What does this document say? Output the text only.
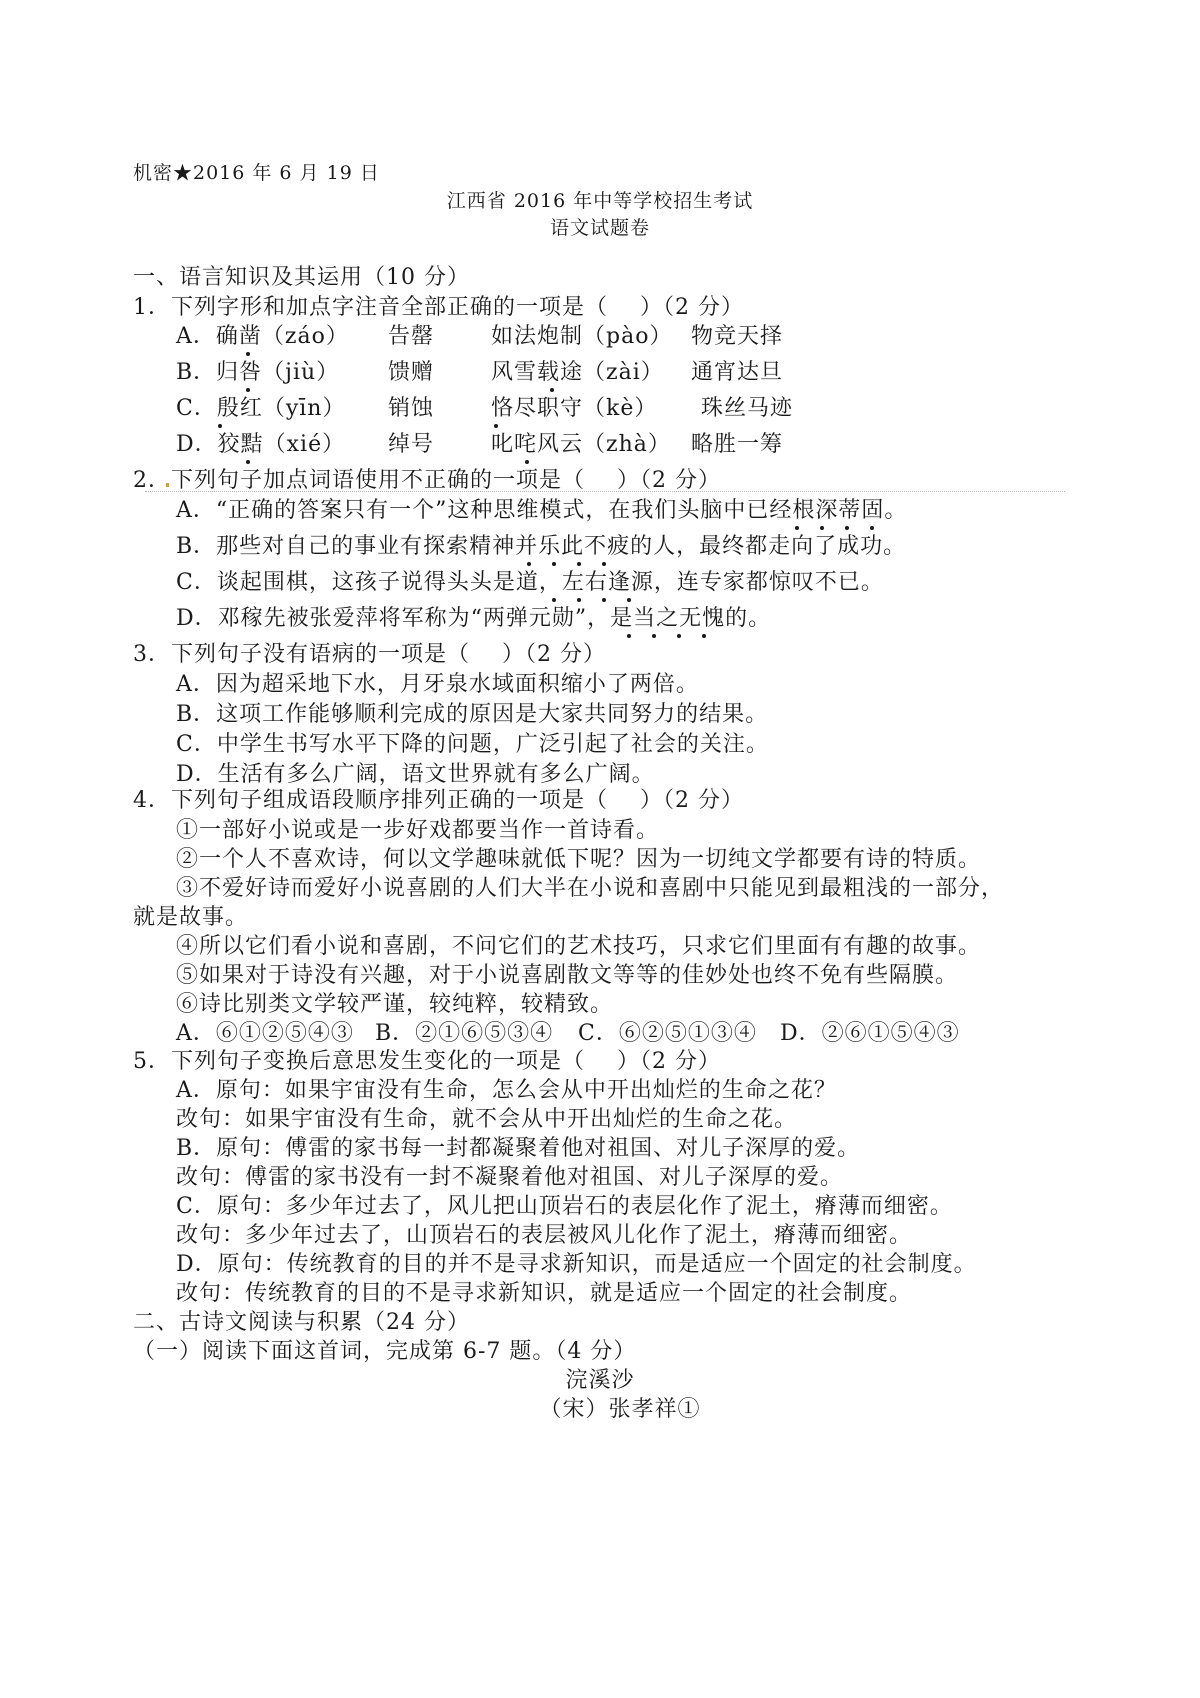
机密★2016 年 6 月 19 日
江西省 2016 年中等学校招生考试
语文试题卷
一、语言知识及其运用（10 分）
1．下列字形和加点字注音全部正确的一项是（    ）（2 分）
A．确凿（záo） 告罄	如法炮制（pào） 物竞天择
B．归咎（jiù） 馈赠	风雪载途（zài） 通宵达旦
C．殷红（yīn） 销蚀	恪尽职守（kè） 珠丝马迹
D．狡黠（xié） 绰号	叱咤风云（zhà） 略胜一筹
2．下列句子加点词语使用不正确的一项是（    ）（2 分）
A．“正确的答案只有一个”这种思维模式，在我们头脑中已经根深蒂固。
B．那些对自己的事业有探索精神并乐此不疲的人，最终都走向了成功。
C．谈起围棋，这孩子说得头头是道，左右逢源，连专家都惊叹不已。
D．邓稼先被张爱萍将军称为“两弹元勋”，是当之无愧的。
3．下列句子没有语病的一项是（    ）（2 分）
A．因为超采地下水，月牙泉水域面积缩小了两倍。
B．这项工作能够顺利完成的原因是大家共同努力的结果。
C．中学生书写水平下降的问题，广泛引起了社会的关注。
D．生活有多么广阔，语文世界就有多么广阔。
4．下列句子组成语段顺序排列正确的一项是（    ）（2 分）
①一部好小说或是一步好戏都要当作一首诗看。
②一个人不喜欢诗，何以文学趣味就低下呢？因为一切纯文学都要有诗的特质。
③不爱好诗而爱好小说喜剧的人们大半在小说和喜剧中只能见到最粗浅的一部分，
就是故事。
④所以它们看小说和喜剧，不问它们的艺术技巧，只求它们里面有有趣的故事。
⑤如果对于诗没有兴趣，对于小说喜剧散文等等的佳妙处也终不免有些隔膜。
⑥诗比别类文学较严谨，较纯粹，较精致。
A．⑥①②⑤④③ B．②①⑥⑤③④ C．⑥②⑤①③④ D．②⑥①⑤④③
5．下列句子变换后意思发生变化的一项是（    ）（2 分）
A．原句：如果宇宙没有生命，怎么会从中开出灿烂的生命之花？
改句：如果宇宙没有生命，就不会从中开出灿烂的生命之花。
B．原句：傅雷的家书每一封都凝聚着他对祖国、对儿子深厚的爱。
改句：傅雷的家书没有一封不凝聚着他对祖国、对儿子深厚的爱。
C．原句：多少年过去了，风儿把山顶岩石的表层化作了泥土，瘠薄而细密。
改句：多少年过去了，山顶岩石的表层被风儿化作了泥土，瘠薄而细密。
D．原句：传统教育的目的并不是寻求新知识，而是适应一个固定的社会制度。
改句：传统教育的目的不是寻求新知识，就是适应一个固定的社会制度。
二、古诗文阅读与积累（24 分）
（一）阅读下面这首词，完成第 6-7 题。（4 分）
浣溪沙
（宋）张孝祥①
